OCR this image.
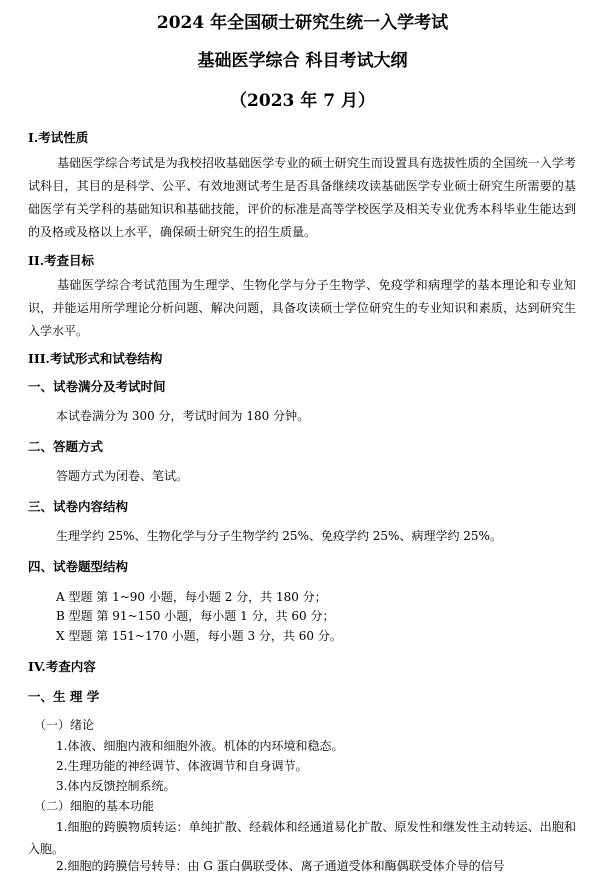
2024 年全国硕士研究生统一入学考试
基础医学综合 科目考试大纲
（2023 年 7 月）
I.考试性质
基础医学综合考试是为我校招收基础医学专业的硕士研究生而设置具有选拔性质的全国统一入学考试科目，其目的是科学、公平、有效地测试考生是否具备继续攻读基础医学专业硕士研究生所需要的基础医学有关学科的基础知识和基础技能，评价的标准是高等学校医学及相关专业优秀本科毕业生能达到的及格或及格以上水平，确保硕士研究生的招生质量。
II.考查目标
基础医学综合考试范围为生理学、生物化学与分子生物学、免疫学和病理学的基本理论和专业知识，并能运用所学理论分析问题、解决问题，具备攻读硕士学位研究生的专业知识和素质，达到研究生入学水平。
III.考试形式和试卷结构
一、试卷满分及考试时间
本试卷满分为 300 分，考试时间为 180 分钟。
二、答题方式
答题方式为闭卷、笔试。
三、试卷内容结构
生理学约 25%、生物化学与分子生物学约 25%、免疫学约 25%、病理学约 25%。
四、试卷题型结构
A 型题 第 1~90 小题，每小题 2 分，共 180 分；
B 型题 第 91~150 小题，每小题 1 分，共 60 分；
X 型题 第 151~170 小题，每小题 3 分，共 60 分。
IV.考查内容
一、生 理 学
（一）绪论
1.体液、细胞内液和细胞外液。机体的内环境和稳态。
2.生理功能的神经调节、体液调节和自身调节。
3.体内反馈控制系统。
（二）细胞的基本功能
1.细胞的跨膜物质转运：单纯扩散、经载体和经通道易化扩散、原发性和继发性主动转运、出胞和入胞。
2.细胞的跨膜信号转导：由 G 蛋白偶联受体、离子通道受体和酶偶联受体介导的信号
